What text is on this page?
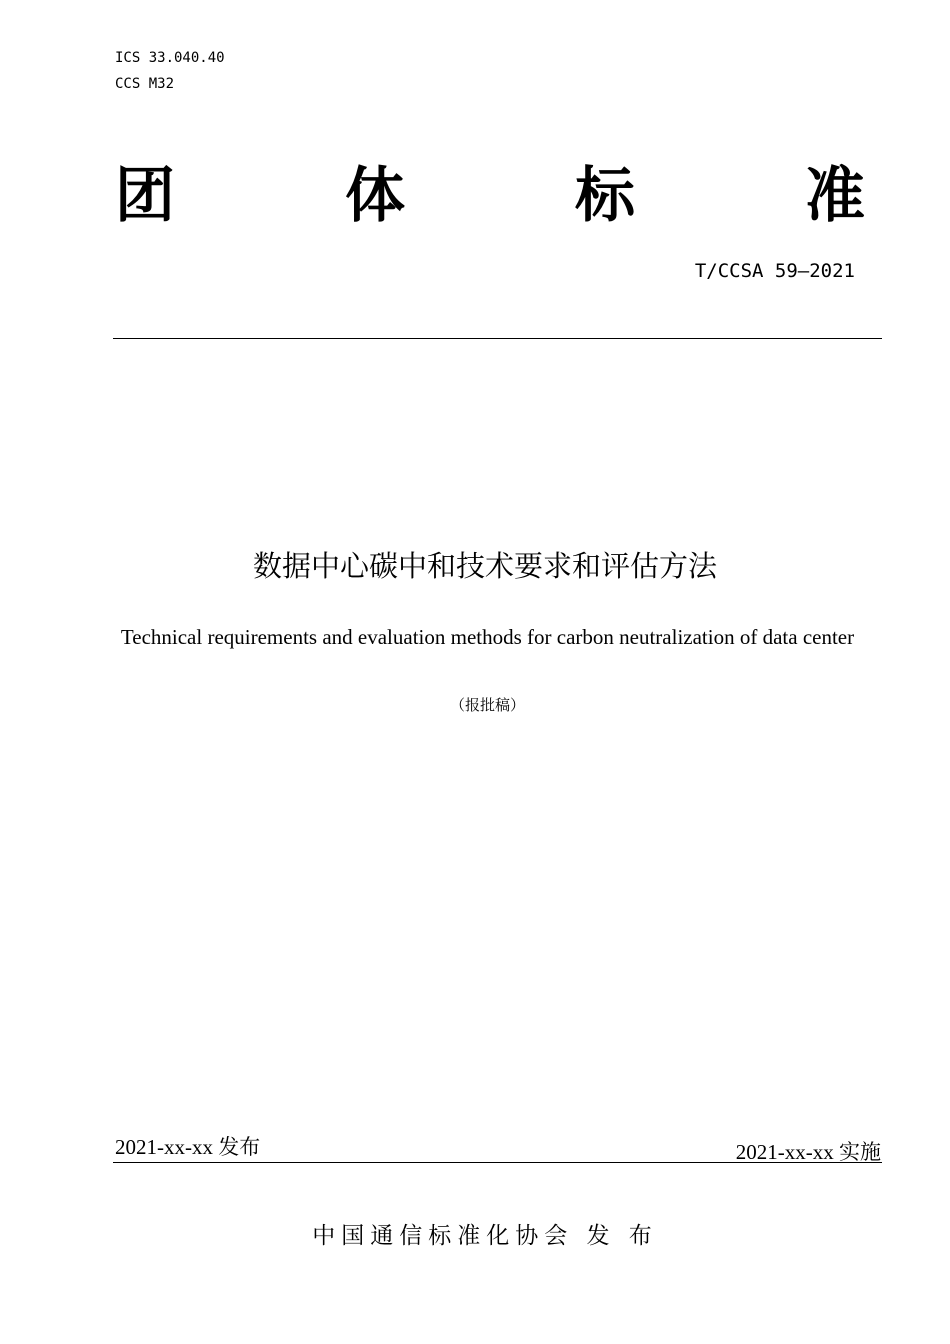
ICS 33.040.40
CCS M32
团	体	标	准
T/CCSA 59—2021
数据中心碳中和技术要求和评估方法
Technical requirements and evaluation methods for carbon neutralization of data center
（报批稿）
2021-xx-xx 发布	2021-xx-xx 实施
中国通信标准化协会 发 布
